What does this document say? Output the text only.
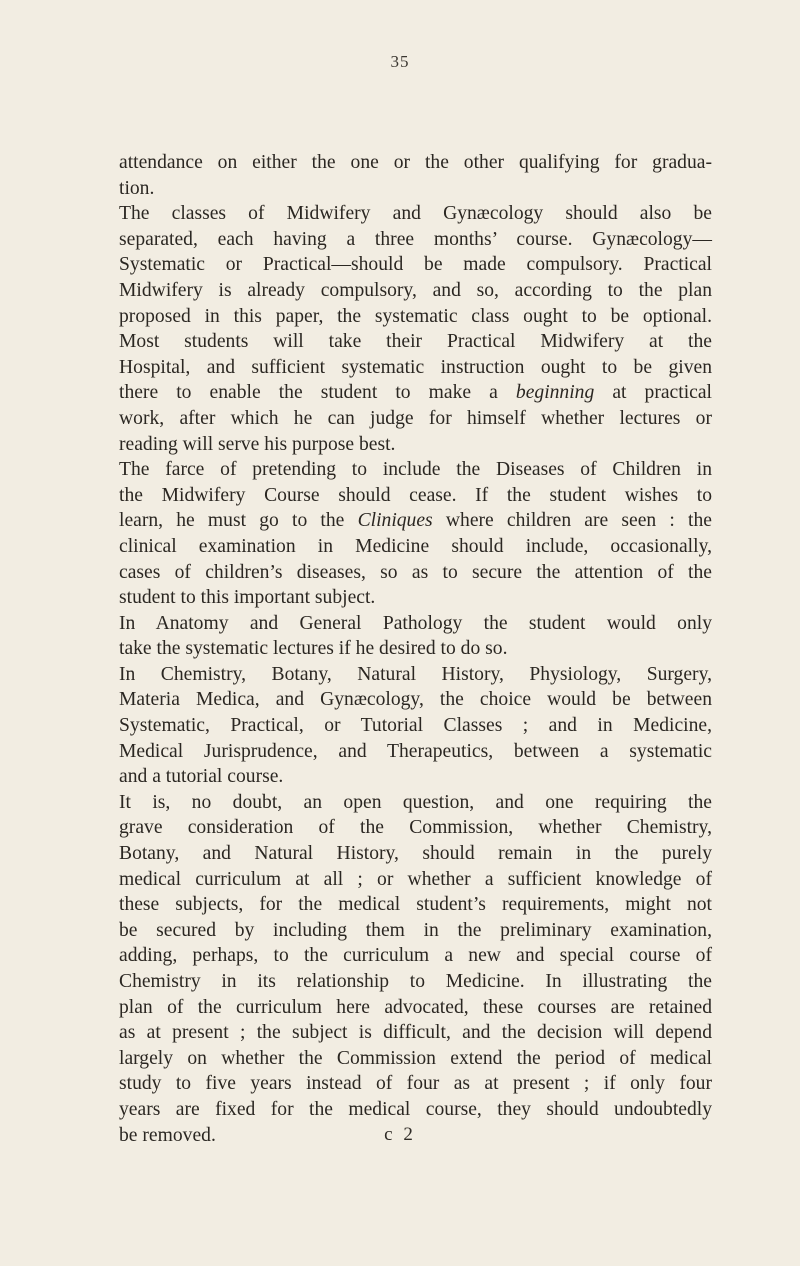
35
attendance on either the one or the other qualifying for gradua-
tion.
The classes of Midwifery and Gynæcology should also be
separated, each having a three months’ course. Gynæcology—
Systematic or Practical—should be made compulsory. Practical
Midwifery is already compulsory, and so, according to the plan
proposed in this paper, the systematic class ought to be optional.
Most students will take their Practical Midwifery at the
Hospital, and sufficient systematic instruction ought to be given
there to enable the student to make a beginning at practical
work, after which he can judge for himself whether lectures or
reading will serve his purpose best.
The farce of pretending to include the Diseases of Children in
the Midwifery Course should cease. If the student wishes to
learn, he must go to the Cliniques where children are seen : the
clinical examination in Medicine should include, occasionally,
cases of children’s diseases, so as to secure the attention of the
student to this important subject.
In Anatomy and General Pathology the student would only
take the systematic lectures if he desired to do so.
In Chemistry, Botany, Natural History, Physiology, Surgery,
Materia Medica, and Gynæcology, the choice would be between
Systematic, Practical, or Tutorial Classes ; and in Medicine,
Medical Jurisprudence, and Therapeutics, between a systematic
and a tutorial course.
It is, no doubt, an open question, and one requiring the
grave consideration of the Commission, whether Chemistry,
Botany, and Natural History, should remain in the purely
medical curriculum at all ; or whether a sufficient knowledge of
these subjects, for the medical student’s requirements, might not
be secured by including them in the preliminary examination,
adding, perhaps, to the curriculum a new and special course of
Chemistry in its relationship to Medicine. In illustrating the
plan of the curriculum here advocated, these courses are retained
as at present ; the subject is difficult, and the decision will depend
largely on whether the Commission extend the period of medical
study to five years instead of four as at present ; if only four
years are fixed for the medical course, they should undoubtedly
be removed.	c 2
